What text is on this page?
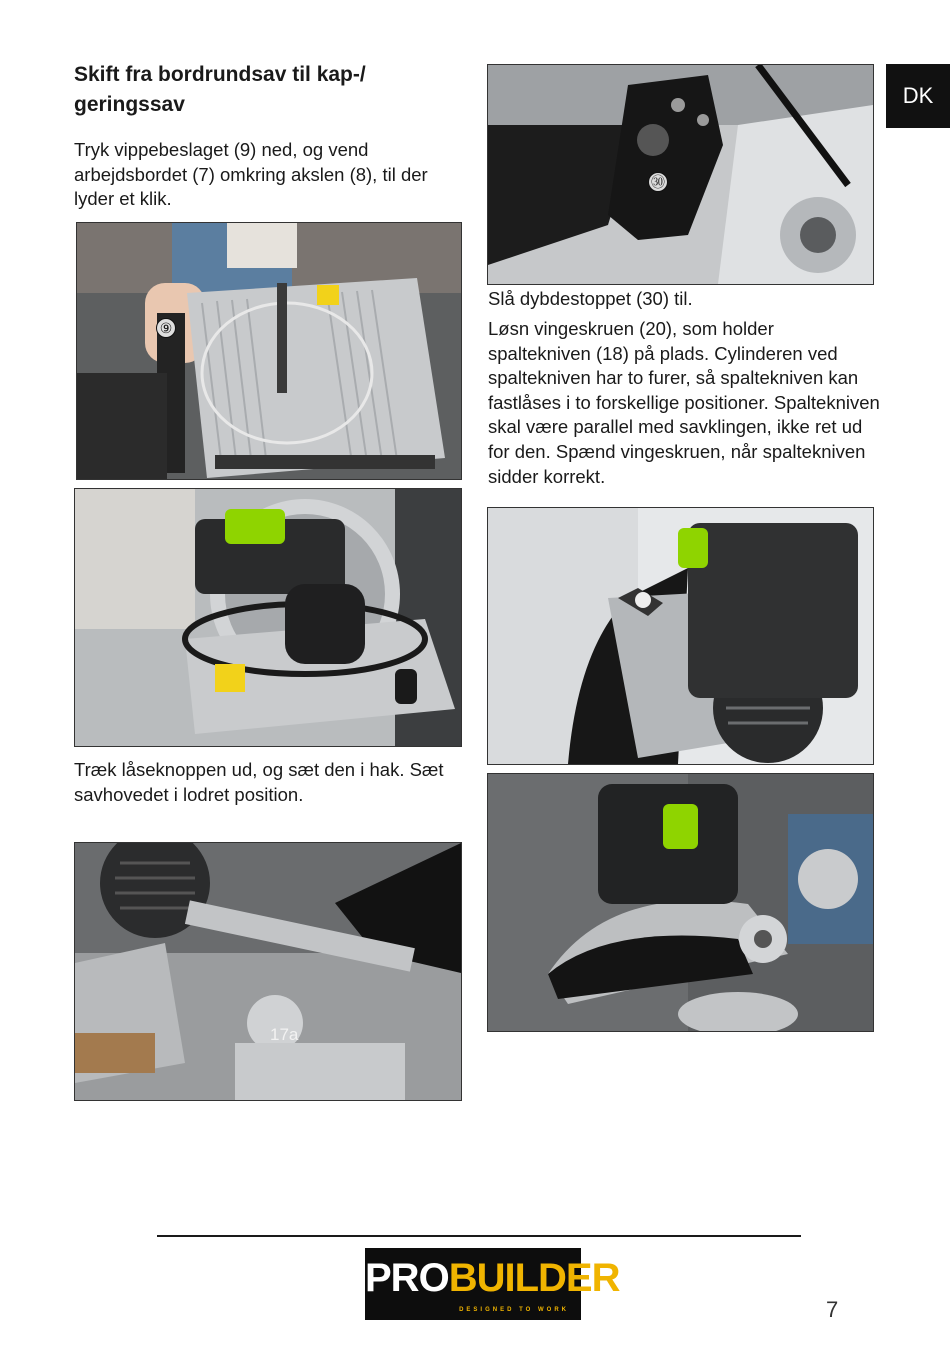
Skift fra bordrundsav til kap-/
geringssav
Tryk vippebeslaget (9) ned, og vend arbejdsbordet (7) omkring akslen (8), til der lyder et klik.
⑨
Træk låseknoppen ud, og sæt den i hak. Sæt savhovedet i lodret position.
17a
㉚
Slå dybdestoppet (30) til.
Løsn vingeskruen (20), som holder spaltekniven (18) på plads. Cylinderen ved spaltekniven har to furer, så spaltekniven kan fastlåses i to forskellige positioner. Spaltekniven skal være parallel med savklingen, ikke ret ud for den. Spænd vingeskruen, når spaltekniven sidder korrekt.
DK
PROBUILDER
DESIGNED TO WORK	7
